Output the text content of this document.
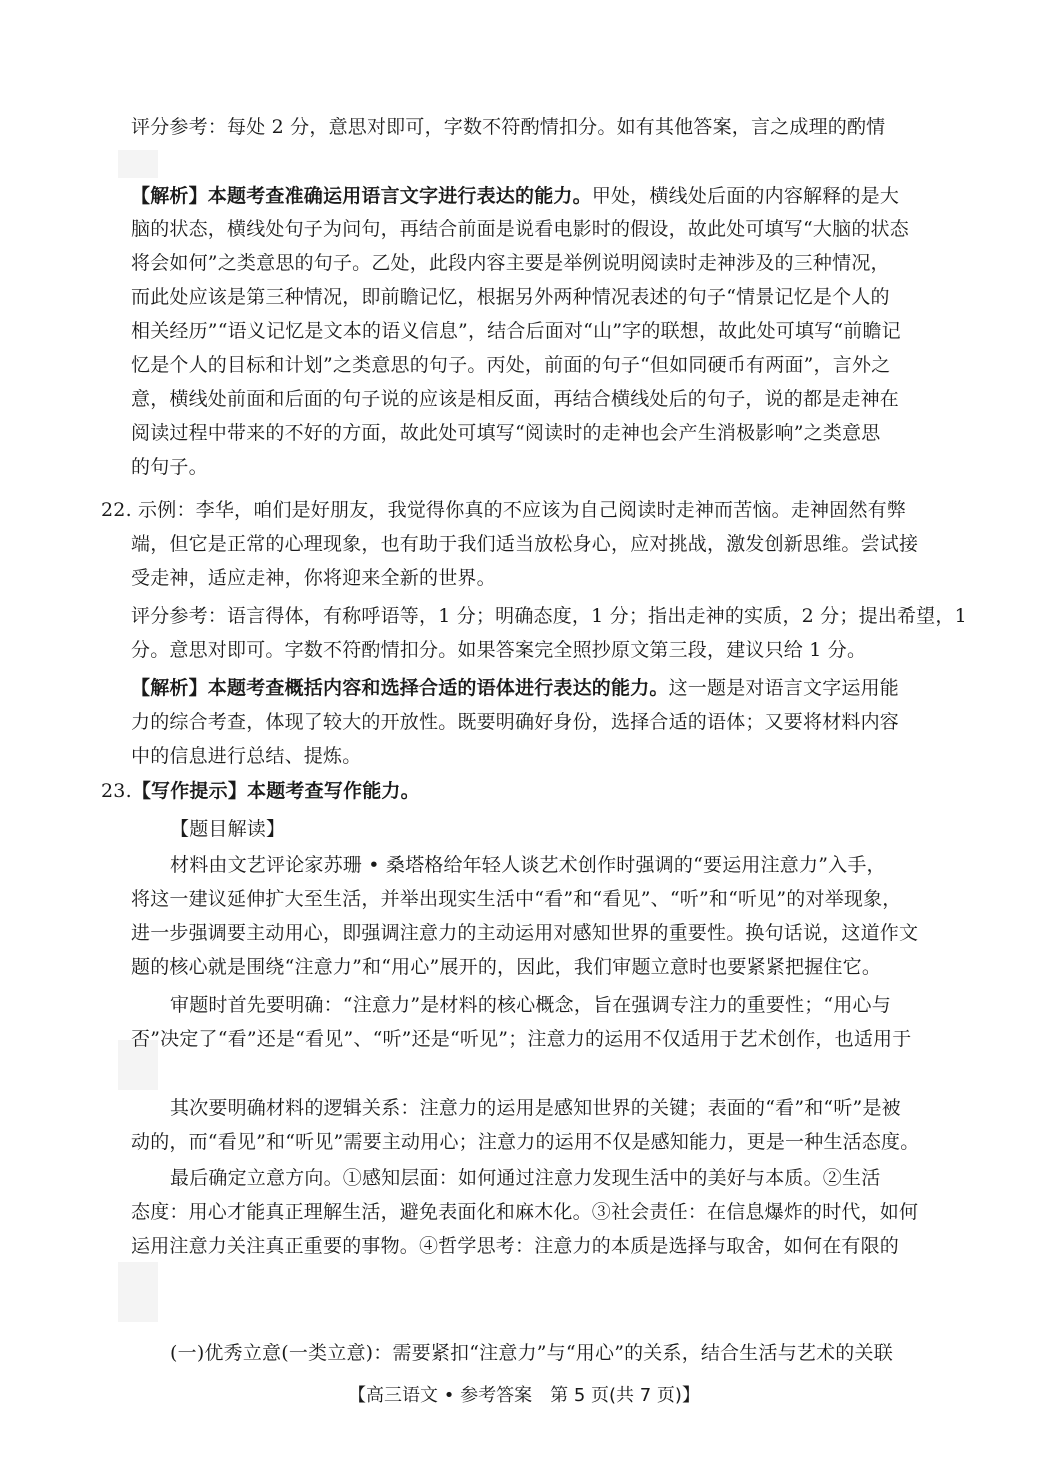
评分参考：每处 2 分，意思对即可，字数不符酌情扣分。如有其他答案，言之成理的酌情
【解析】本题考查准确运用语言文字进行表达的能力。甲处，横线处后面的内容解释的是大
脑的状态，横线处句子为问句，再结合前面是说看电影时的假设，故此处可填写“大脑的状态
将会如何”之类意思的句子。乙处，此段内容主要是举例说明阅读时走神涉及的三种情况，
而此处应该是第三种情况，即前瞻记忆，根据另外两种情况表述的句子“情景记忆是个人的
相关经历”“语义记忆是文本的语义信息”，结合后面对“山”字的联想，故此处可填写“前瞻记
忆是个人的目标和计划”之类意思的句子。丙处，前面的句子“但如同硬币有两面”，言外之
意，横线处前面和后面的句子说的应该是相反面，再结合横线处后的句子，说的都是走神在
阅读过程中带来的不好的方面，故此处可填写“阅读时的走神也会产生消极影响”之类意思
的句子。
22. 示例：李华，咱们是好朋友，我觉得你真的不应该为自己阅读时走神而苦恼。走神固然有弊
端，但它是正常的心理现象，也有助于我们适当放松身心，应对挑战，激发创新思维。尝试接
受走神，适应走神，你将迎来全新的世界。
评分参考：语言得体，有称呼语等，1 分；明确态度，1 分；指出走神的实质，2 分；提出希望，1
分。意思对即可。字数不符酌情扣分。如果答案完全照抄原文第三段，建议只给 1 分。
【解析】本题考查概括内容和选择合适的语体进行表达的能力。这一题是对语言文字运用能
力的综合考查，体现了较大的开放性。既要明确好身份，选择合适的语体；又要将材料内容
中的信息进行总结、提炼。
23.【写作提示】本题考查写作能力。
【题目解读】
材料由文艺评论家苏珊 • 桑塔格给年轻人谈艺术创作时强调的“要运用注意力”入手，
将这一建议延伸扩大至生活，并举出现实生活中“看”和“看见”、“听”和“听见”的对举现象，
进一步强调要主动用心，即强调注意力的主动运用对感知世界的重要性。换句话说，这道作文
题的核心就是围绕“注意力”和“用心”展开的，因此，我们审题立意时也要紧紧把握住它。
审题时首先要明确：“注意力”是材料的核心概念，旨在强调专注力的重要性；“用心与
否”决定了“看”还是“看见”、“听”还是“听见”；注意力的运用不仅适用于艺术创作，也适用于
其次要明确材料的逻辑关系：注意力的运用是感知世界的关键；表面的“看”和“听”是被
动的，而“看见”和“听见”需要主动用心；注意力的运用不仅是感知能力，更是一种生活态度。
最后确定立意方向。①感知层面：如何通过注意力发现生活中的美好与本质。②生活
态度：用心才能真正理解生活，避免表面化和麻木化。③社会责任：在信息爆炸的时代，如何
运用注意力关注真正重要的事物。④哲学思考：注意力的本质是选择与取舍，如何在有限的
(一)优秀立意(一类立意)：需要紧扣“注意力”与“用心”的关系，结合生活与艺术的关联
【高三语文 • 参考答案　第 5 页(共 7 页)】
